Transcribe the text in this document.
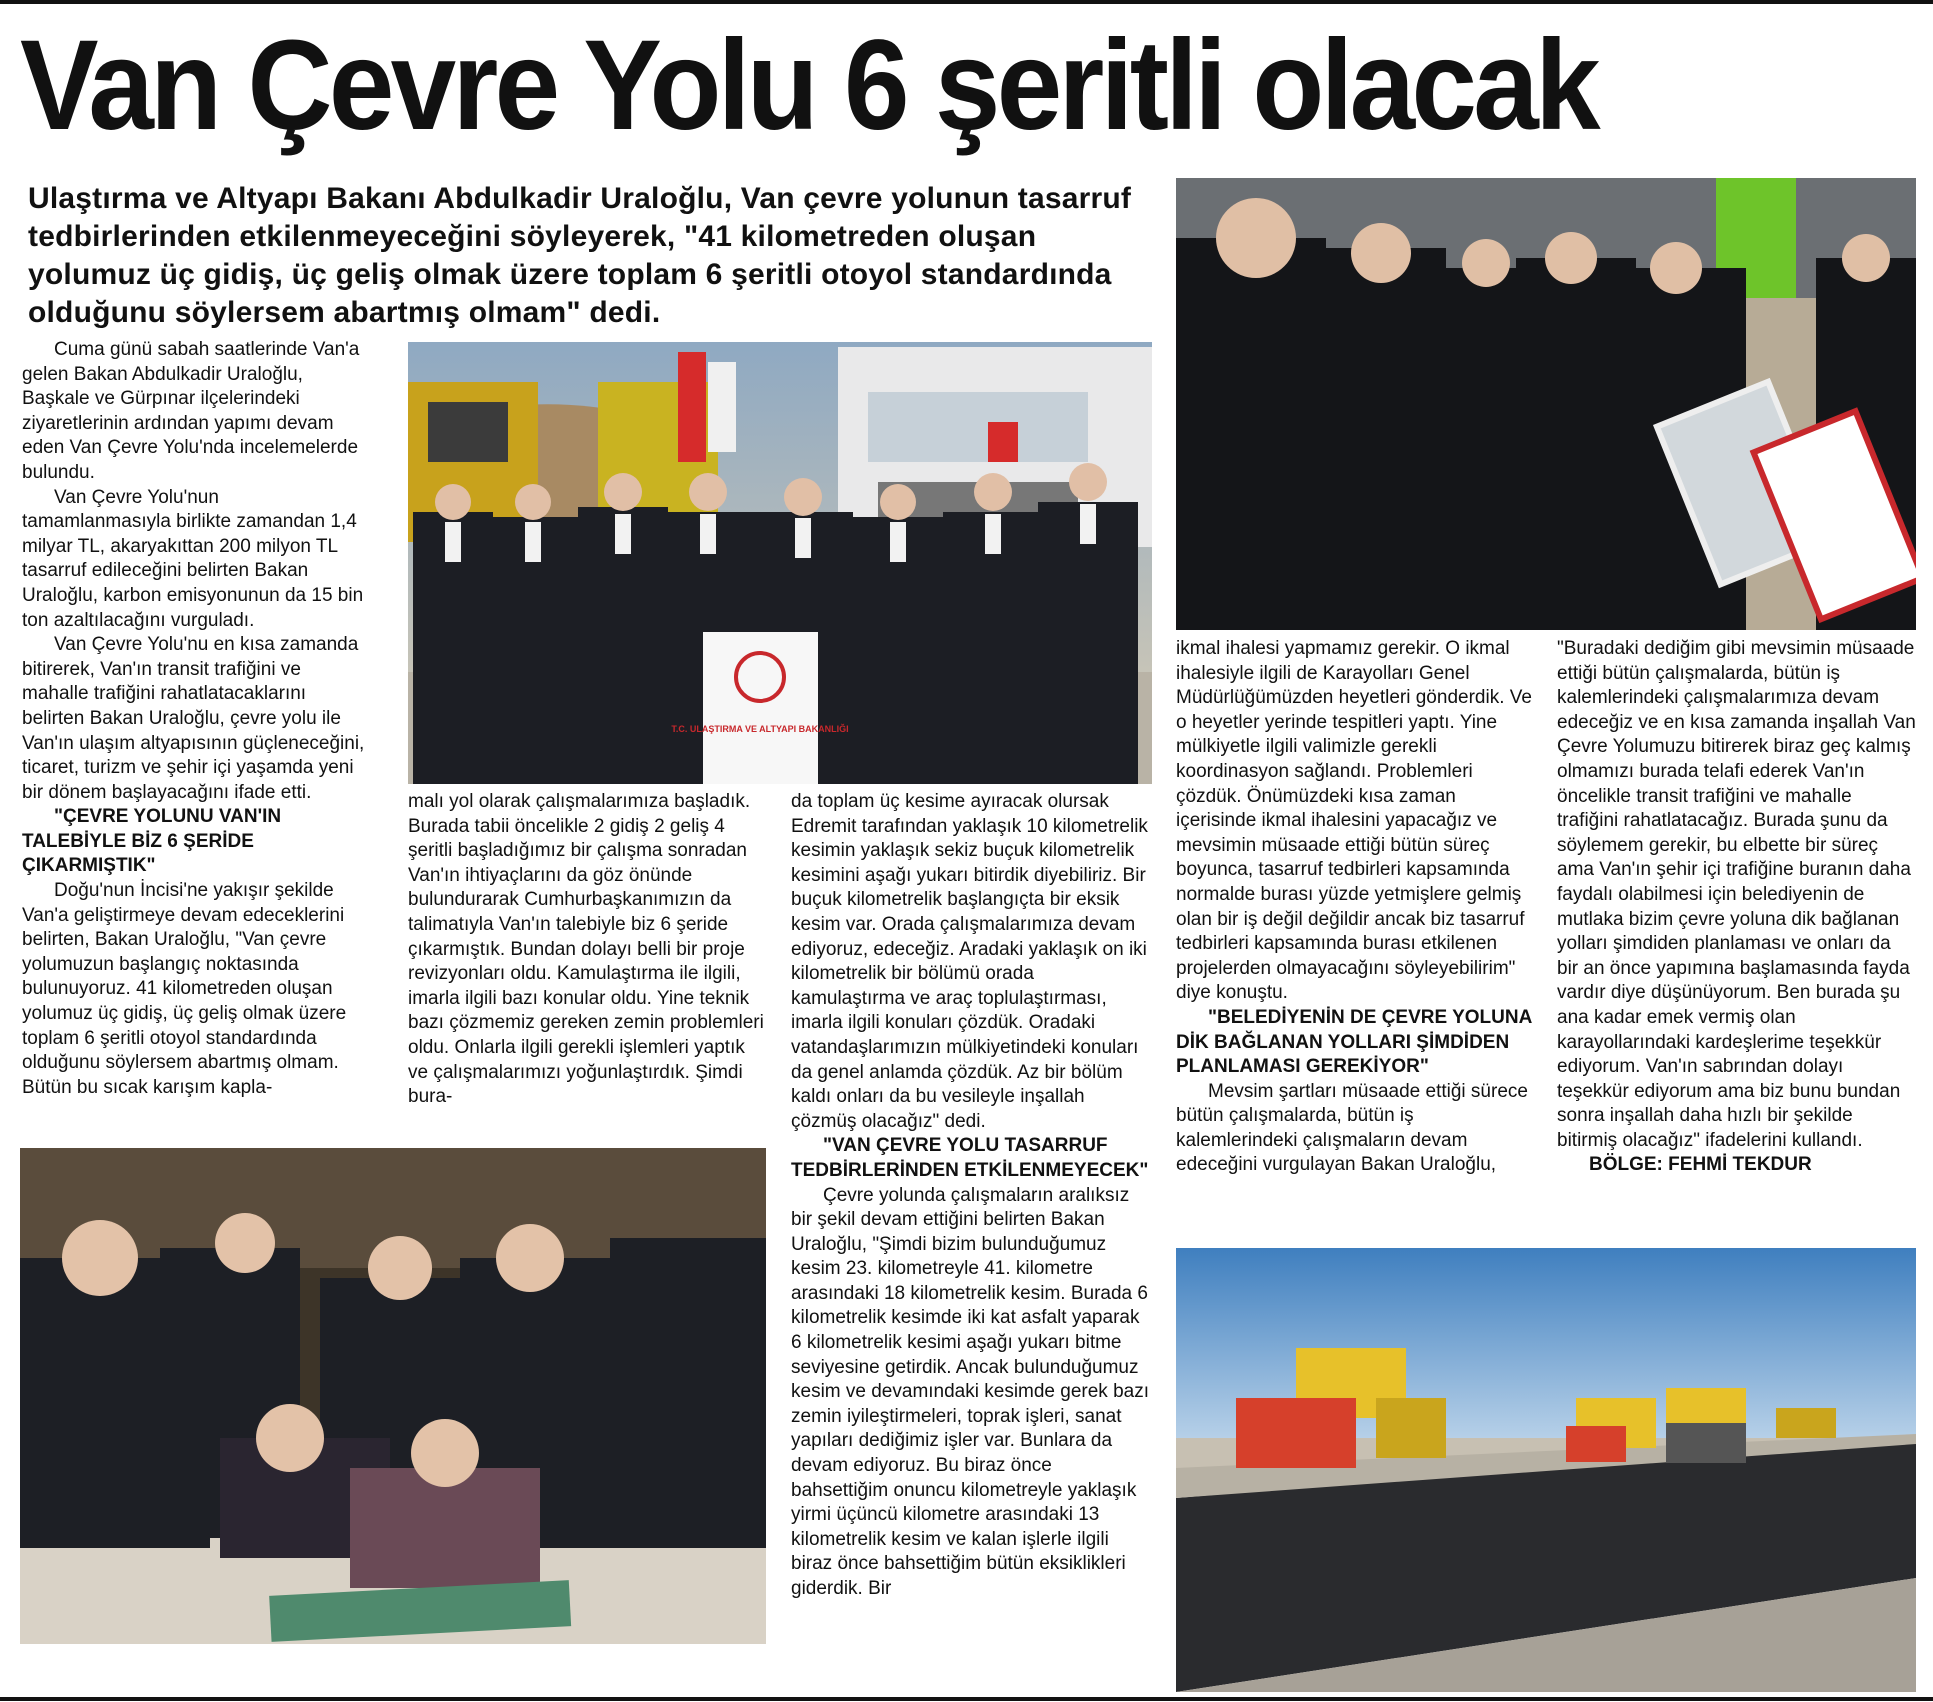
Van Çevre Yolu 6 şeritli olacak
Ulaştırma ve Altyapı Bakanı Abdulkadir Uraloğlu, Van çevre yolunun tasarruf tedbirlerinden etkilenmeyeceğini söyleyerek, "41 kilometreden oluşan yolumuz üç gidiş, üç geliş olmak üzere toplam 6 şeritli otoyol standardında olduğunu söylersem abartmış olmam" dedi.

Cuma günü sabah saatlerinde Van'a gelen Bakan Abdulkadir Uraloğlu, Başkale ve Gürpınar ilçelerindeki ziyaretlerinin ardından yapımı devam eden Van Çevre Yolu'nda incelemelerde bulundu.

Van Çevre Yolu'nun tamamlanmasıyla birlikte zamandan 1,4 milyar TL, akaryakıttan 200 milyon TL tasarruf edileceğini belirten Bakan Uraloğlu, karbon emisyonunun da 15 bin ton azaltılacağını vurguladı.

Van Çevre Yolu'nu en kısa zamanda bitirerek, Van'ın transit trafiğini ve mahalle trafiğini rahatlatacaklarını belirten Bakan Uraloğlu, çevre yolu ile Van'ın ulaşım altyapısının güçleneceğini, ticaret, turizm ve şehir içi yaşamda yeni bir dönem başlayacağını ifade etti.

"ÇEVRE YOLUNU VAN'IN TALEBİYLE BİZ 6 ŞERİDE ÇIKARMIŞTIK"

Doğu'nun İncisi'ne yakışır şekilde Van'a geliştirmeye devam edeceklerini belirten, Bakan Uraloğlu, "Van çevre yolumuzun başlangıç noktasında bulunuyoruz. 41 kilometreden oluşan yolumuz üç gidiş, üç geliş olmak üzere toplam 6 şeritli otoyol standardında olduğunu söylersem abartmış olmam. Bütün bu sıcak karışım kapla-

malı yol olarak çalışmalarımıza başladık. Burada tabii öncelikle 2 gidiş 2 geliş 4 şeritli başladığımız bir çalışma sonradan Van'ın ihtiyaçlarını da göz önünde bulundurarak Cumhurbaşkanımızın da talimatıyla Van'ın talebiyle biz 6 şeride çıkarmıştık. Bundan dolayı belli bir proje revizyonları oldu. Kamulaştırma ile ilgili, imarla ilgili bazı konular oldu. Yine teknik bazı çözmemiz gereken zemin problemleri oldu. Onlarla ilgili gerekli işlemleri yaptık ve çalışmalarımızı yoğunlaştırdık. Şimdi bura-

da toplam üç kesime ayıracak olursak Edremit tarafından yaklaşık 10 kilometrelik kesimin yaklaşık sekiz buçuk kilometrelik kesimini aşağı yukarı bitirdik diyebiliriz. Bir buçuk kilometrelik başlangıçta bir eksik kesim var. Orada çalışmalarımıza devam ediyoruz, edeceğiz. Aradaki yaklaşık on iki kilometrelik bir bölümü orada kamulaştırma ve araç toplulaştırması, imarla ilgili konuları çözdük. Oradaki vatandaşlarımızın mülkiyetindeki konuları da genel anlamda çözdük. Az bir bölüm kaldı onları da bu vesileyle inşallah çözmüş olacağız" dedi.

"VAN ÇEVRE YOLU TASARRUF TEDBİRLERİNDEN ETKİLENMEYECEK"

Çevre yolunda çalışmaların aralıksız bir şekil devam ettiğini belirten Bakan Uraloğlu, "Şimdi bizim bulunduğumuz kesim 23. kilometreyle 41. kilometre arasındaki 18 kilometrelik kesim. Burada 6 kilometrelik kesimde iki kat asfalt yaparak 6 kilometrelik kesimi aşağı yukarı bitme seviyesine getirdik. Ancak bulunduğumuz kesim ve devamındaki kesimde gerek bazı zemin iyileştirmeleri, toprak işleri, sanat yapıları dediğimiz işler var. Bunlara da devam ediyoruz. Bu biraz önce bahsettiğim onuncu kilometreyle yaklaşık yirmi üçüncü kilometre arasındaki 13 kilometrelik kesim ve kalan işlerle ilgili biraz önce bahsettiğim bütün eksiklikleri giderdik. Bir

ikmal ihalesi yapmamız gerekir. O ikmal ihalesiyle ilgili de Karayolları Genel Müdürlüğümüzden heyetleri gönderdik. Ve o heyetler yerinde tespitleri yaptı. Yine mülkiyetle ilgili valimizle gerekli koordinasyon sağlandı. Problemleri çözdük. Önümüzdeki kısa zaman içerisinde ikmal ihalesini yapacağız ve mevsimin müsaade ettiği bütün süreç boyunca, tasarruf tedbirleri kapsamında normalde burası yüzde yetmişlere gelmiş olan bir iş değil değildir ancak biz tasarruf tedbirleri kapsamında burası etkilenen projelerden olmayacağını söyleyebilirim" diye konuştu.

"BELEDİYENİN DE ÇEVRE YOLUNA DİK BAĞLANAN YOLLARI ŞİMDİDEN PLANLAMASI GEREKİYOR"

Mevsim şartları müsaade ettiği sürece bütün çalışmalarda, bütün iş kalemlerindeki çalışmaların devam edeceğini vurgulayan Bakan Uraloğlu,

"Buradaki dediğim gibi mevsimin müsaade ettiği bütün çalışmalarda, bütün iş kalemlerindeki çalışmalarımıza devam edeceğiz ve en kısa zamanda inşallah Van Çevre Yolumuzu bitirerek biraz geç kalmış olmamızı burada telafi ederek Van'ın öncelikle transit trafiğini ve mahalle trafiğini rahatlatacağız. Burada şunu da söylemem gerekir, bu elbette bir süreç ama Van'ın şehir içi trafiğine buranın daha faydalı olabilmesi için belediyenin de mutlaka bizim çevre yoluna dik bağlanan yolları şimdiden planlaması ve onları da bir an önce yapımına başlamasında fayda vardır diye düşünüyorum. Ben burada şu ana kadar emek vermiş olan karayollarındaki kardeşlerime teşekkür ediyorum. Van'ın sabrından dolayı teşekkür ediyorum ama biz bunu bundan sonra inşallah daha hızlı bir şekilde bitirmiş olacağız" ifadelerini kullandı.

BÖLGE: FEHMİ TEKDUR

T.C. ULAŞTIRMA VE ALTYAPI BAKANLIĞI
